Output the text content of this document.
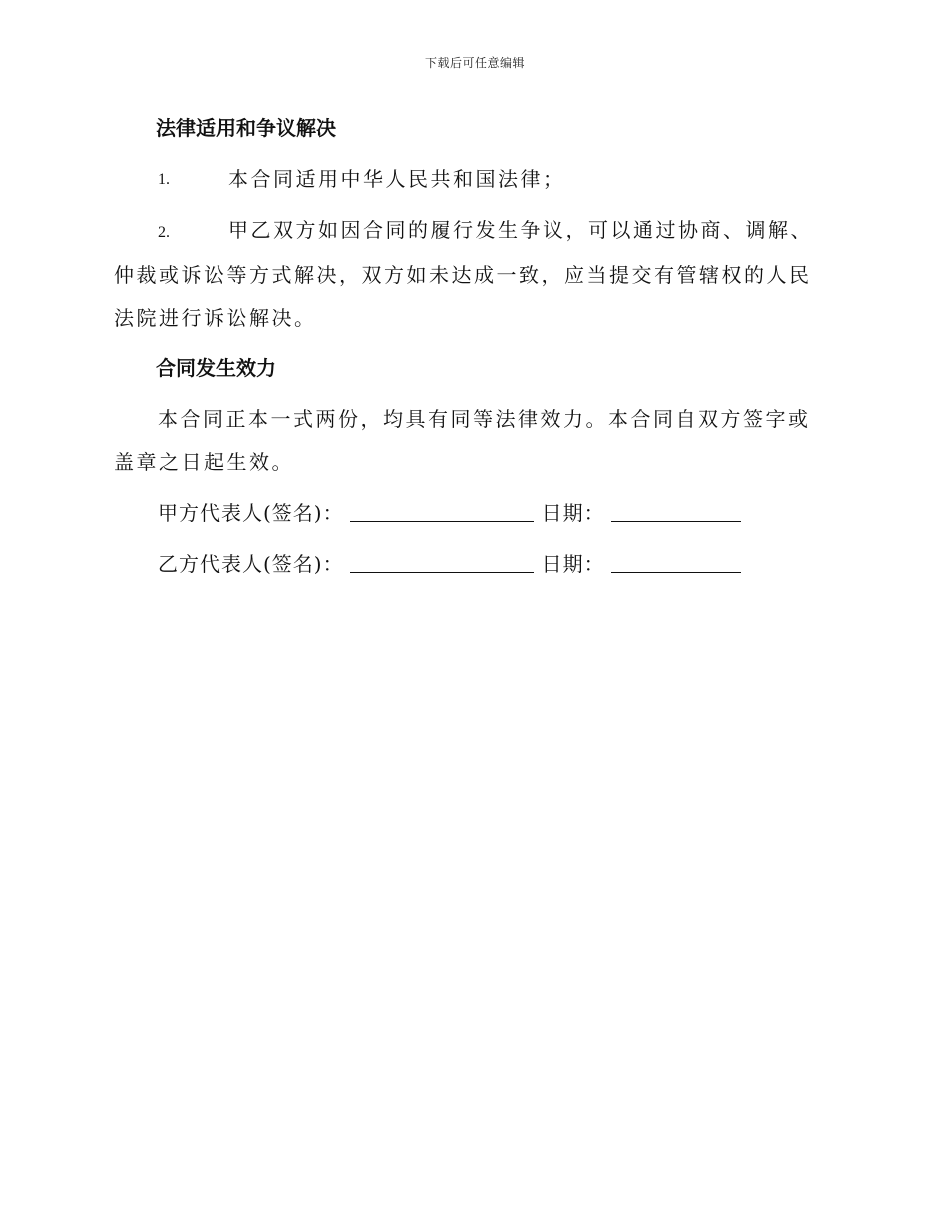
下载后可任意编辑
法律适用和争议解决
1.	本合同适用中华人民共和国法律；
2.	甲乙双方如因合同的履行发生争议，可以通过协商、调解、仲裁或诉讼等方式解决，双方如未达成一致，应当提交有管辖权的人民法院进行诉讼解决。
合同发生效力
本合同正本一式两份，均具有同等法律效力。本合同自双方签字或盖章之日起生效。
甲方代表人(签名)：	日期：
乙方代表人(签名)：	日期：
